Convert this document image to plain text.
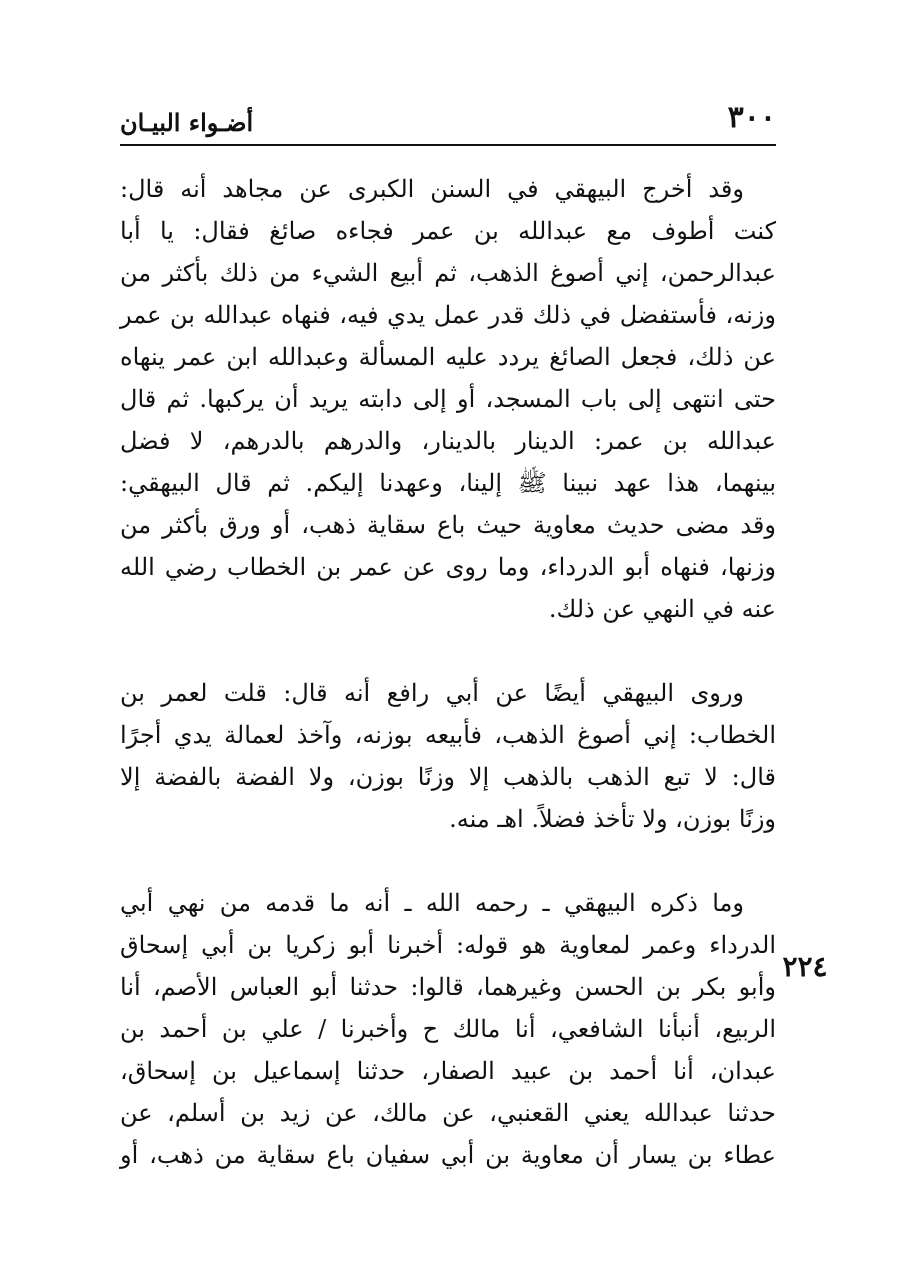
٣٠٠
أضـواء البيـان
٢٢٤
وقد أخرج البيهقي في السنن الكبرى عن مجاهد أنه قال:
كنت أطوف مع عبدالله بن عمر فجاءه صائغ فقال: يا أبا
عبدالرحمن، إني أصوغ الذهب، ثم أبيع الشيء من ذلك بأكثر من
وزنه، فأستفضل في ذلك قدر عمل يدي فيه، فنهاه عبدالله بن عمر
عن ذلك، فجعل الصائغ يردد عليه المسألة وعبدالله ابن عمر ينهاه
حتى انتهى إلى باب المسجد، أو إلى دابته يريد أن يركبها. ثم قال
عبدالله بن عمر: الدينار بالدينار، والدرهم بالدرهم، لا فضل
بينهما، هذا عهد نبينا ﷺ إلينا، وعهدنا إليكم. ثم قال البيهقي:
وقد مضى حديث معاوية حيث باع سقاية ذهب، أو ورق بأكثر من
وزنها، فنهاه أبو الدرداء، وما روى عن عمر بن الخطاب رضي الله
عنه في النهي عن ذلك.
وروى البيهقي أيضًا عن أبي رافع أنه قال: قلت لعمر بن
الخطاب: إني أصوغ الذهب، فأبيعه بوزنه، وآخذ لعمالة يدي أجرًا
قال: لا تبع الذهب بالذهب إلا وزنًا بوزن، ولا الفضة بالفضة إلا
وزنًا بوزن، ولا تأخذ فضلاً. اهـ منه.
وما ذكره البيهقي ـ رحمه الله ـ أنه ما قدمه من نهي أبي
الدرداء وعمر لمعاوية هو قوله: أخبرنا أبو زكريا بن أبي إسحاق
وأبو بكر بن الحسن وغيرهما، قالوا: حدثنا أبو العباس الأصم، أنا
الربيع، أنبأنا الشافعي، أنا مالك ح وأخبرنا / علي بن أحمد بن
عبدان، أنا أحمد بن عبيد الصفار، حدثنا إسماعيل بن إسحاق،
حدثنا عبدالله يعني القعنبي، عن مالك، عن زيد بن أسلم، عن
عطاء بن يسار أن معاوية بن أبي سفيان باع سقاية من ذهب، أو
